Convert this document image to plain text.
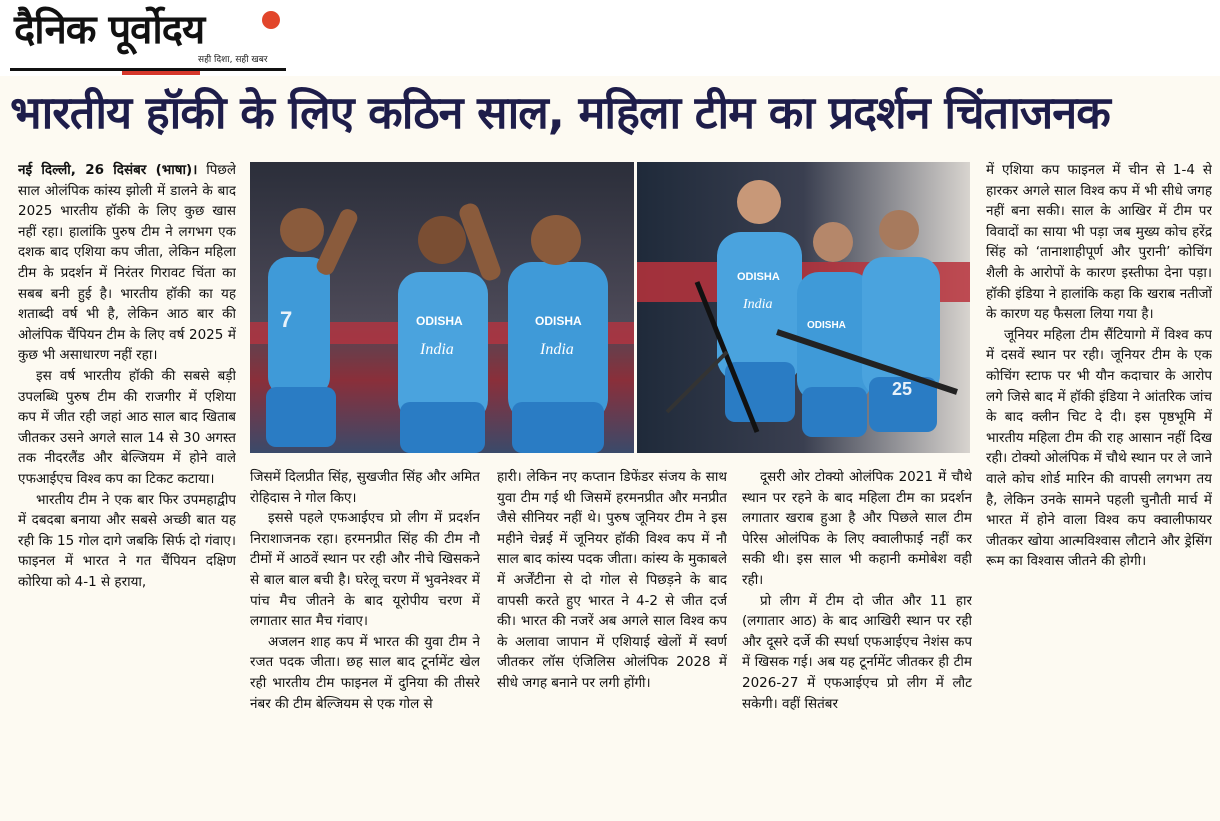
दैनिक पूर्वोदय
सही दिशा, सही खबर
भारतीय हॉकी के लिए कठिन साल, महिला टीम का प्रदर्शन चिंताजनक

नई दिल्ली, 26 दिसंबर (भाषा)। पिछले साल ओलंपिक कांस्य झोली में डालने के बाद 2025 भारतीय हॉकी के लिए कुछ खास नहीं रहा। हालांकि पुरुष टीम ने लगभग एक दशक बाद एशिया कप जीता, लेकिन महिला टीम के प्रदर्शन में निरंतर गिरावट चिंता का सबब बनी हुई है। भारतीय हॉकी का यह शताब्दी वर्ष भी है, लेकिन आठ बार की ओलंपिक चैंपियन टीम के लिए वर्ष 2025 में कुछ भी असाधारण नहीं रहा।

इस वर्ष भारतीय हॉकी की सबसे बड़ी उपलब्धि पुरुष टीम की राजगीर में एशिया कप में जीत रही जहां आठ साल बाद खिताब जीतकर उसने अगले साल 14 से 30 अगस्त तक नीदरलैंड और बेल्जियम में होने वाले एफआईएच विश्व कप का टिकट कटाया।

भारतीय टीम ने एक बार फिर उपमहाद्वीप में दबदबा बनाया और सबसे अच्छी बात यह रही कि 15 गोल दागे जबकि सिर्फ दो गंवाए। फाइनल में भारत ने गत चैंपियन दक्षिण कोरिया को 4-1 से हराया,

7	ODISHA
India
ODISHA
India
ODISHA
India
ODISHA
25

जिसमें दिलप्रीत सिंह, सुखजीत सिंह और अमित रोहिदास ने गोल किए।

इससे पहले एफआईएच प्रो लीग में प्रदर्शन निराशाजनक रहा। हरमनप्रीत सिंह की टीम नौ टीमों में आठवें स्थान पर रही और नीचे खिसकने से बाल बाल बची है। घरेलू चरण में भुवनेश्वर में पांच मैच जीतने के बाद यूरोपीय चरण में लगातार सात मैच गंवाए।

अजलन शाह कप में भारत की युवा टीम ने रजत पदक जीता। छह साल बाद टूर्नामेंट खेल रही भारतीय टीम फाइनल में दुनिया की तीसरे नंबर की टीम बेल्जियम से एक गोल से

हारी। लेकिन नए कप्तान डिफेंडर संजय के साथ युवा टीम गई थी जिसमें हरमनप्रीत और मनप्रीत जैसे सीनियर नहीं थे। पुरुष जूनियर टीम ने इस महीने चेन्नई में जूनियर हॉकी विश्व कप में नौ साल बाद कांस्य पदक जीता। कांस्य के मुकाबले में अर्जेंटीना से दो गोल से पिछड़ने के बाद वापसी करते हुए भारत ने 4-2 से जीत दर्ज की। भारत की नजरें अब अगले साल विश्व कप के अलावा जापान में एशियाई खेलों में स्वर्ण जीतकर लॉस एंजिलिस ओलंपिक 2028 में सीधे जगह बनाने पर लगी होंगी।

दूसरी ओर टोक्यो ओलंपिक 2021 में चौथे स्थान पर रहने के बाद महिला टीम का प्रदर्शन लगातार खराब हुआ है और पिछले साल टीम पेरिस ओलंपिक के लिए क्वालीफाई नहीं कर सकी थी। इस साल भी कहानी कमोबेश वही रही।

प्रो लीग में टीम दो जीत और 11 हार (लगातार आठ) के बाद आखिरी स्थान पर रही और दूसरे दर्जे की स्पर्धा एफआईएच नेशंस कप में खिसक गई। अब यह टूर्नामेंट जीतकर ही टीम 2026-27 में एफआईएच प्रो लीग में लौट सकेगी। वहीं सितंबर

में एशिया कप फाइनल में चीन से 1-4 से हारकर अगले साल विश्व कप में भी सीधे जगह नहीं बना सकी। साल के आखिर में टीम पर विवादों का साया भी पड़ा जब मुख्य कोच हरेंद्र सिंह को ‘तानाशाहीपूर्ण और पुरानी’ कोचिंग शैली के आरोपों के कारण इस्तीफा देना पड़ा। हॉकी इंडिया ने हालांकि कहा कि खराब नतीजों के कारण यह फैसला लिया गया है।

जूनियर महिला टीम सैंटियागो में विश्व कप में दसवें स्थान पर रही। जूनियर टीम के एक कोचिंग स्टाफ पर भी यौन कदाचार के आरोप लगे जिसे बाद में हॉकी इंडिया ने आंतरिक जांच के बाद क्लीन चिट दे दी। इस पृष्ठभूमि में भारतीय महिला टीम की राह आसान नहीं दिख रही। टोक्यो ओलंपिक में चौथे स्थान पर ले जाने वाले कोच शोर्ड मारिन की वापसी लगभग तय है, लेकिन उनके सामने पहली चुनौती मार्च में भारत में होने वाला विश्व कप क्वालीफायर जीतकर खोया आत्मविश्वास लौटाने और ड्रेसिंग रूम का विश्वास जीतने की होगी।
